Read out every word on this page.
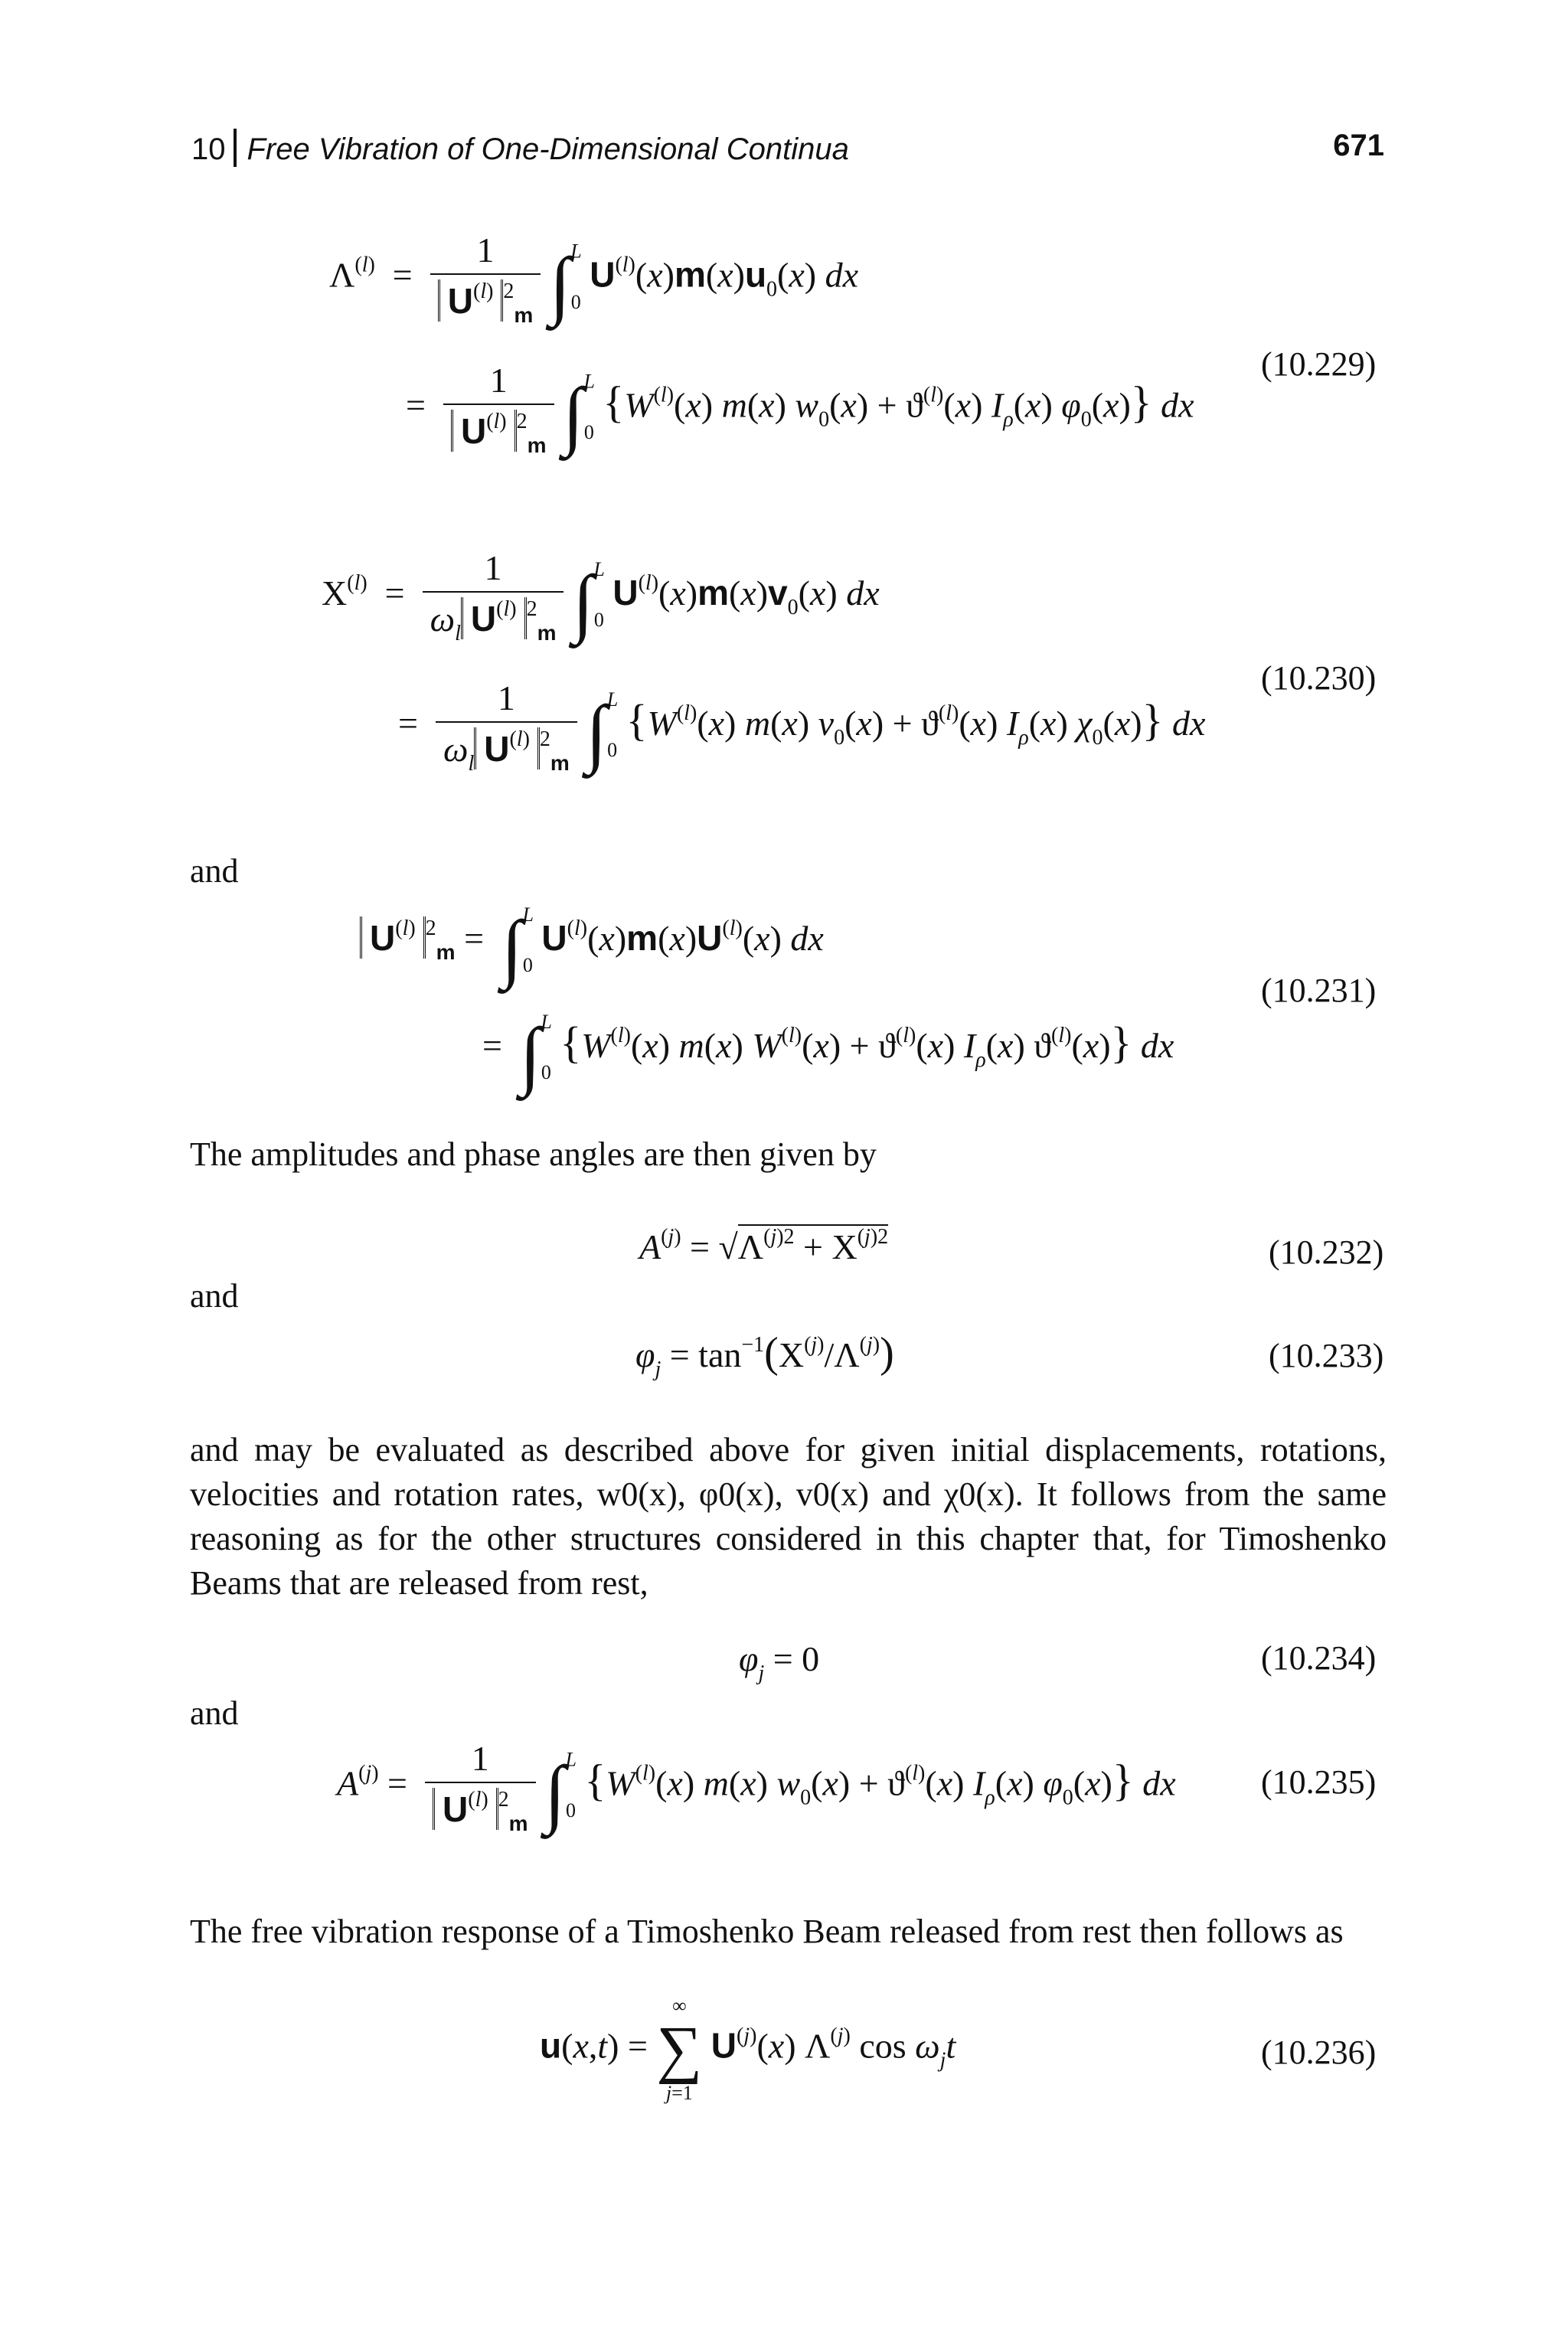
10 Free Vibration of One-Dimensional Continua	671
$\Lambda^{(l)} = \frac{1}{U^{(l)} ^2_m} \int^L_0$ $U^{(l)}(x)m(x)u_0(x)$ dx
= $\frac{1}{U^{(l)} ^2_m} \int^L_0$ {$W^{(l)}(x)$ m(x) $w_0(x) + ϑ^{(l)}(x)$ $I_\rho(x)$ $\varphi_0(x)$} dx
(10.229)
$X^{(l)} = \frac{1}{\omega_l U^{(l)} ^2_m} \int^L_0$ $U^{(l)}(x)m(x)v_0(x)$ dx
= $\frac{1}{\omega_l U^{(l)} ^2_m} \int^L_0$ {$W^{(l)}(x)$ m(x) $v_0(x) + ϑ^{(l)}(x)$ $I_\rho(x)$ $\chi_0(x)$} dx
(10.230)
and
$U^{(l)}$ $^2_m$ =  ∫$^L_0$ $U^{(l)}(x)m(x)U^{(l)}(x)$ dx
=  ∫$^L_0$ {$W^{(l)}(x)$ m(x) $W^{(l)}(x) + ϑ^{(l)}(x)$ $I_\rho(x)$ $ϑ^{(l)}(x)$} dx
(10.231)
The amplitudes and phase angles are then given by
$A^{(j)} = √\Lambda^{(j)2} + X^{(j)2}$	(10.232)
and
$\varphi_j = \tan^{-1}(X^{(j)}/\Lambda^{(j)})$	(10.233)
and may be evaluated as described above for given initial displacements, rotations, velocities and rotation rates, w0(x), φ0(x), v0(x) and χ0(x). It follows from the same reasoning as for the other structures considered in this chapter that, for Timoshenko Beams that are released from rest,
$\varphi_j = 0$	(10.234)
and
$A^{(j)} = \frac{1}{U^{(l)} ^2_m} \int^L_0$ {$W^{(l)}(x)$ m(x) $w_0(x) + ϑ^{(l)}(x)$ $I_\rho(x)$ $\varphi_0(x)$} dx	(10.235)
The free vibration response of a Timoshenko Beam released from rest then follows as
u(x,t) =
∞
∑
j=1
$U^{(j)}(x)$ $\Lambda^{(j)}$ $\cos \omega_jt$	(10.236)
